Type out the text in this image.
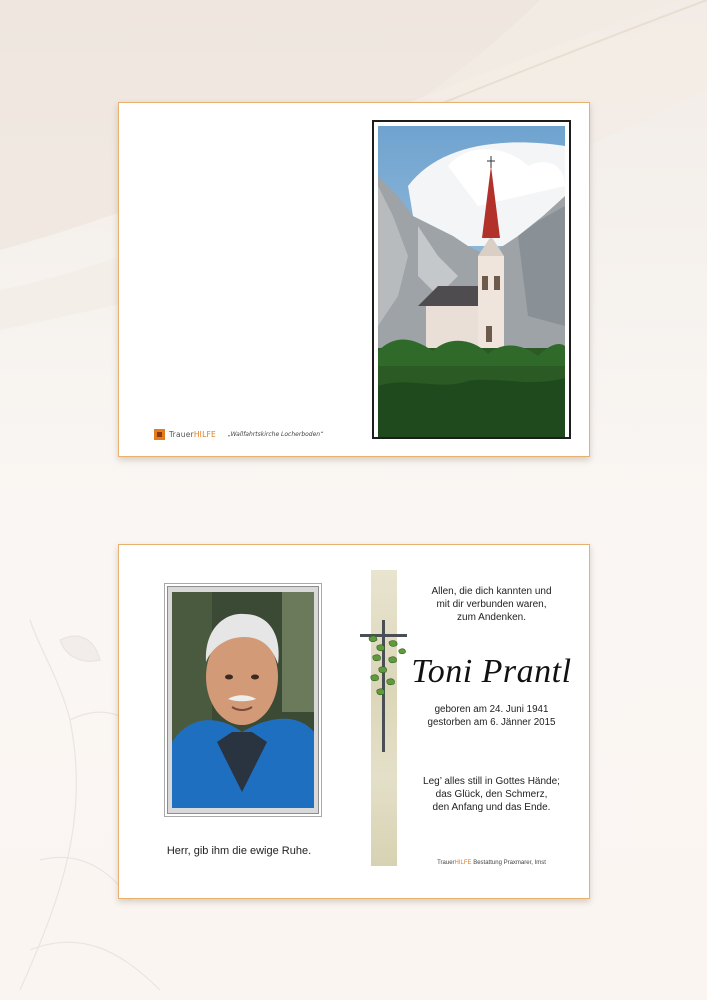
TrauerHILFE „Wallfahrtskirche Locherboden“
Herr, gib ihm die ewige Ruhe.
Allen, die dich kannten und
mit dir verbunden waren,
zum Andenken.
Toni Prantl
geboren am 24. Juni 1941
gestorben am 6. Jänner 2015
Leg’ alles still in Gottes Hände;
das Glück, den Schmerz,
den Anfang und das Ende.
TrauerHILFE Bestattung Praxmarer, Imst
